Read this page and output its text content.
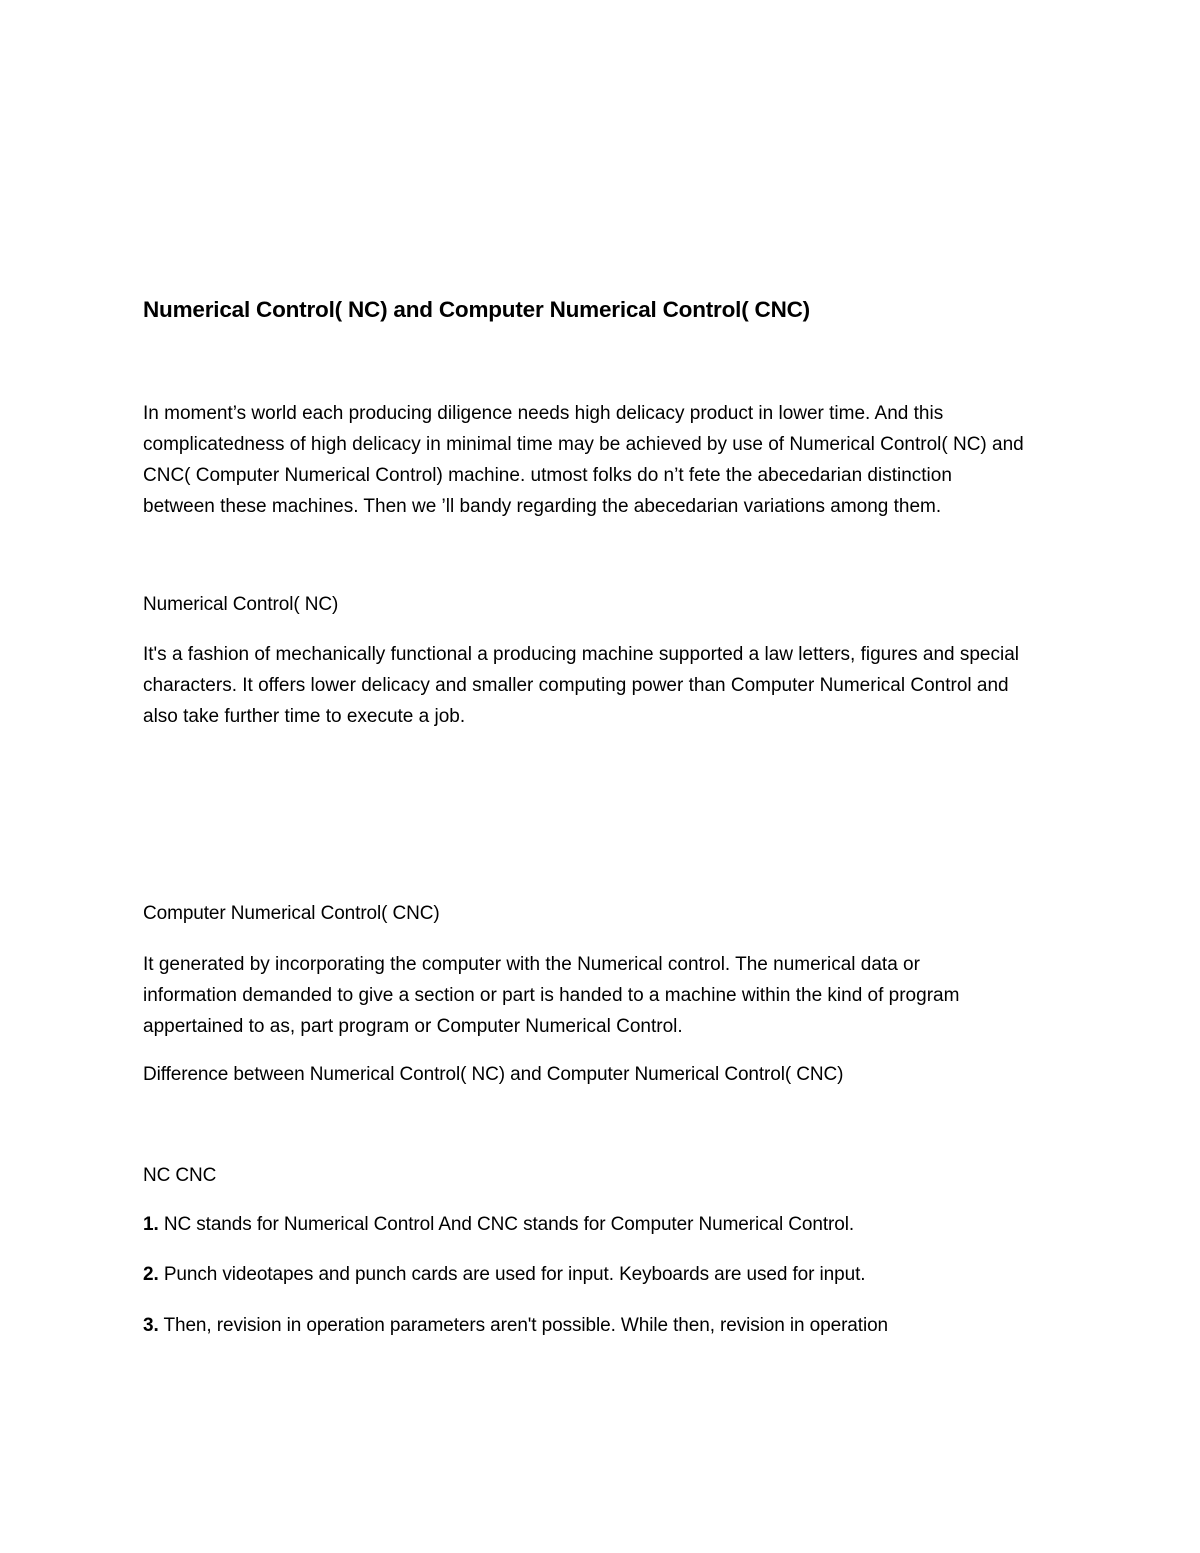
Numerical Control( NC) and Computer Numerical Control( CNC)
In moment’s world each producing diligence needs high delicacy product in lower time. And this
complicatedness of high delicacy in minimal time may be achieved by use of Numerical Control( NC) and
CNC( Computer Numerical Control) machine. utmost folks do n’t fete the abecedarian distinction
between these machines. Then we ’ll bandy regarding the abecedarian variations among them.
Numerical Control( NC)
It's a fashion of mechanically functional a producing machine supported a law letters, figures and special
characters. It offers lower delicacy and smaller computing power than Computer Numerical Control and
also take further time to execute a job.
Computer Numerical Control( CNC)
It generated by incorporating the computer with the Numerical control. The numerical data or
information demanded to give a section or part is handed to a machine within the kind of program
appertained to as, part program or Computer Numerical Control.
Difference between Numerical Control( NC) and Computer Numerical Control( CNC)
NC CNC
1. NC stands for Numerical Control And CNC stands for Computer Numerical Control.
2. Punch videotapes and punch cards are used for input. Keyboards are used for input.
3. Then, revision in operation parameters aren't possible. While then, revision in operation
